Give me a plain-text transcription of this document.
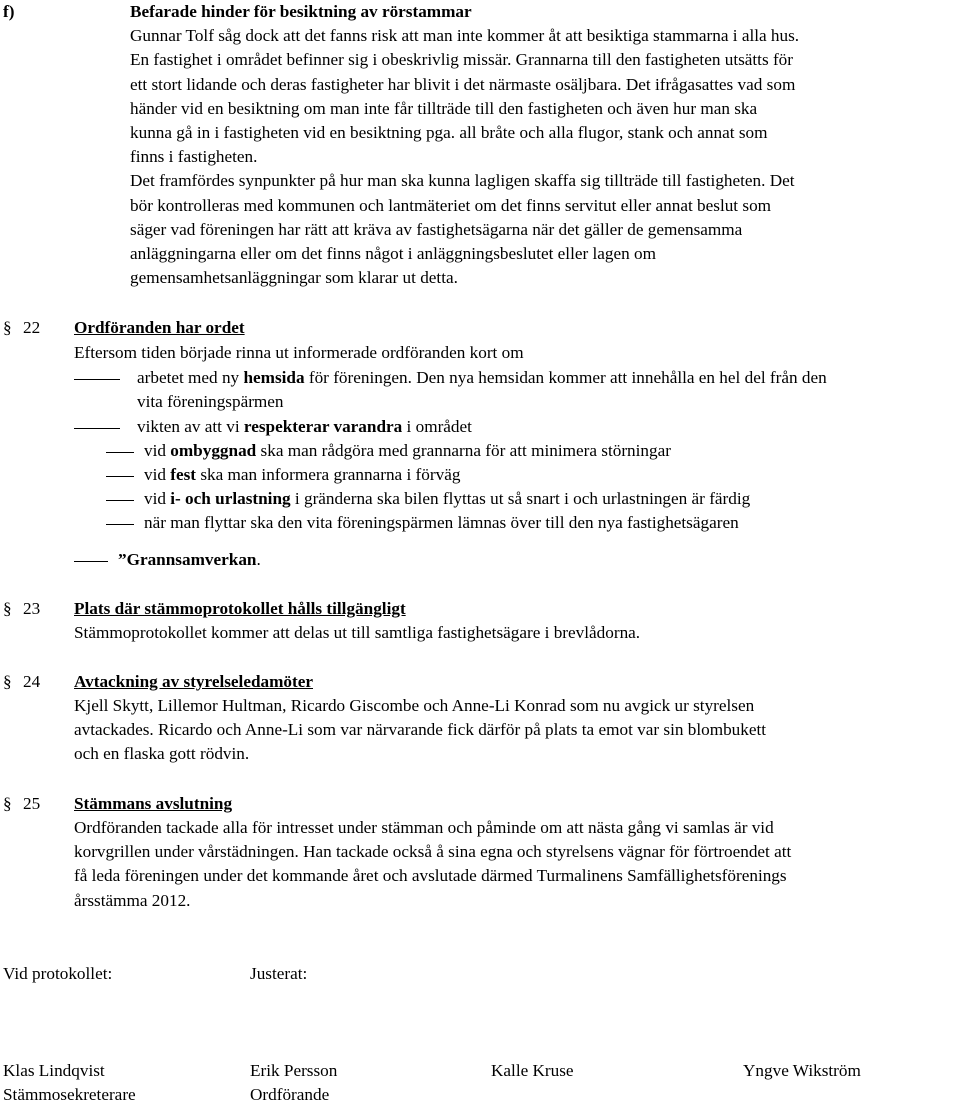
f)	Befarade hinder för besiktning av rörstammar

Gunnar Tolf såg dock att det fanns risk att man inte kommer åt att besiktiga stammarna i alla hus.

En fastighet i området befinner sig i obeskrivlig missär. Grannarna till den fastigheten utsätts för

ett stort lidande och deras fastigheter har blivit i det närmaste osäljbara. Det ifrågasattes vad som

händer vid en besiktning om man inte får tillträde till den fastigheten och även hur man ska

kunna gå in i fastigheten vid en besiktning pga. all bråte och alla flugor, stank och annat som

finns i fastigheten.

Det framfördes synpunkter på hur man ska kunna lagligen skaffa sig tillträde till fastigheten. Det

bör kontrolleras med kommunen och lantmäteriet om det finns servitut eller annat beslut som

säger vad föreningen har rätt att kräva av fastighetsägarna när det gäller de gemensamma

anläggningarna eller om det finns något i anläggningsbeslutet eller lagen om

gemensamhetsanläggningar som klarar ut detta.

§ 22 Ordföranden har ordet
Eftersom tiden började rinna ut informerade ordföranden kort om
arbetet med ny hemsida för föreningen. Den nya hemsidan kommer att innehålla en hel del från den
vita föreningspärmen
vikten av att vi respekterar varandra i området
vid ombyggnad ska man rådgöra med grannarna för att minimera störningar
vid fest ska man informera grannarna i förväg
vid i- och urlastning i gränderna ska bilen flyttas ut så snart i och urlastningen är färdig
när man flyttar ska den vita föreningspärmen lämnas över till den nya fastighetsägaren
”Grannsamverkan.
§ 23 Plats där stämmoprotokollet hålls tillgängligt
Stämmoprotokollet kommer att delas ut till samtliga fastighetsägare i brevlådorna.
§ 24 Avtackning av styrelseledamöter

Kjell Skytt, Lillemor Hultman, Ricardo Giscombe och Anne-Li Konrad som nu avgick ur styrelsen

avtackades. Ricardo och Anne-Li som var närvarande fick därför på plats ta emot var sin blombukett

och en flaska gott rödvin.

§ 25 Stämmans avslutning

Ordföranden tackade alla för intresset under stämman och påminde om att nästa gång vi samlas är vid

korvgrillen under vårstädningen. Han tackade också å sina egna och styrelsens vägnar för förtroendet att

få leda föreningen under det kommande året och avslutade därmed Turmalinens Samfällighetsförenings

årsstämma 2012.

Vid protokollet:	Justerat:
Klas Lindqvist
Stämmosekreterare
Erik Persson
Ordförande
Kalle Kruse	Yngve Wikström
